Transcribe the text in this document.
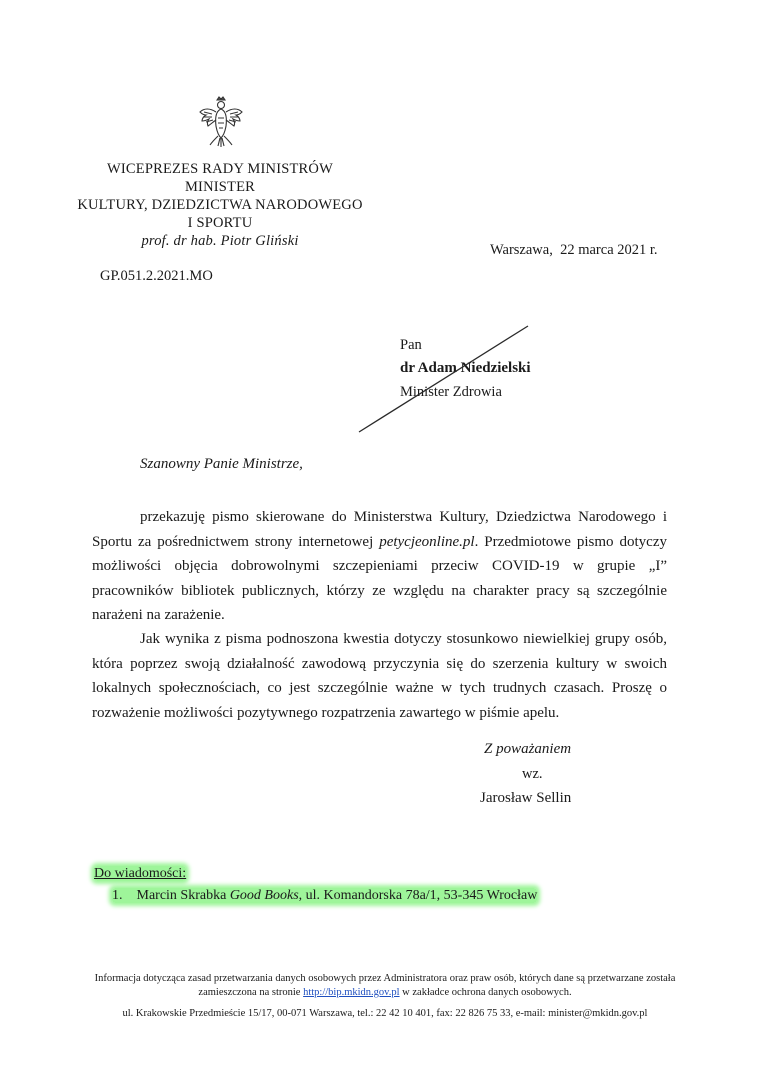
WICEPREZES RADY MINISTRÓW
MINISTER
KULTURY, DZIEDZICTWA NARODOWEGO
I SPORTU
prof. dr hab. Piotr Gliński
GP.051.2.2021.MO
Warszawa,  22 marca 2021 r.
Pan
dr Adam Niedzielski
Minister Zdrowia
Szanowny Panie Ministrze,
przekazuję pismo skierowane do Ministerstwa Kultury, Dziedzictwa Narodowego i Sportu za pośrednictwem strony internetowej petycjeonline.pl. Przedmiotowe pismo dotyczy możliwości objęcia dobrowolnymi szczepieniami przeciw COVID-19 w grupie „I” pracowników bibliotek publicznych, którzy ze względu na charakter pracy są szczególnie narażeni na zarażenie.
Jak wynika z pisma podnoszona kwestia dotyczy stosunkowo niewielkiej grupy osób, która poprzez swoją działalność zawodową przyczynia się do szerzenia kultury w swoich lokalnych społecznościach, co jest szczególnie ważne w tych trudnych czasach. Proszę o rozważenie możliwości pozytywnego rozpatrzenia zawartego w piśmie apelu.
Z poważaniem
wz.
Jarosław Sellin
Do wiadomości:
1. Marcin Skrabka Good Books, ul. Komandorska 78a/1, 53-345 Wrocław
Informacja dotycząca zasad przetwarzania danych osobowych przez Administratora oraz praw osób, których dane są przetwarzane została
zamieszczona na stronie http://bip.mkidn.gov.pl w zakładce ochrona danych osobowych.
ul. Krakowskie Przedmieście 15/17, 00-071 Warszawa, tel.: 22 42 10 401, fax: 22 826 75 33, e-mail: minister@mkidn.gov.pl
